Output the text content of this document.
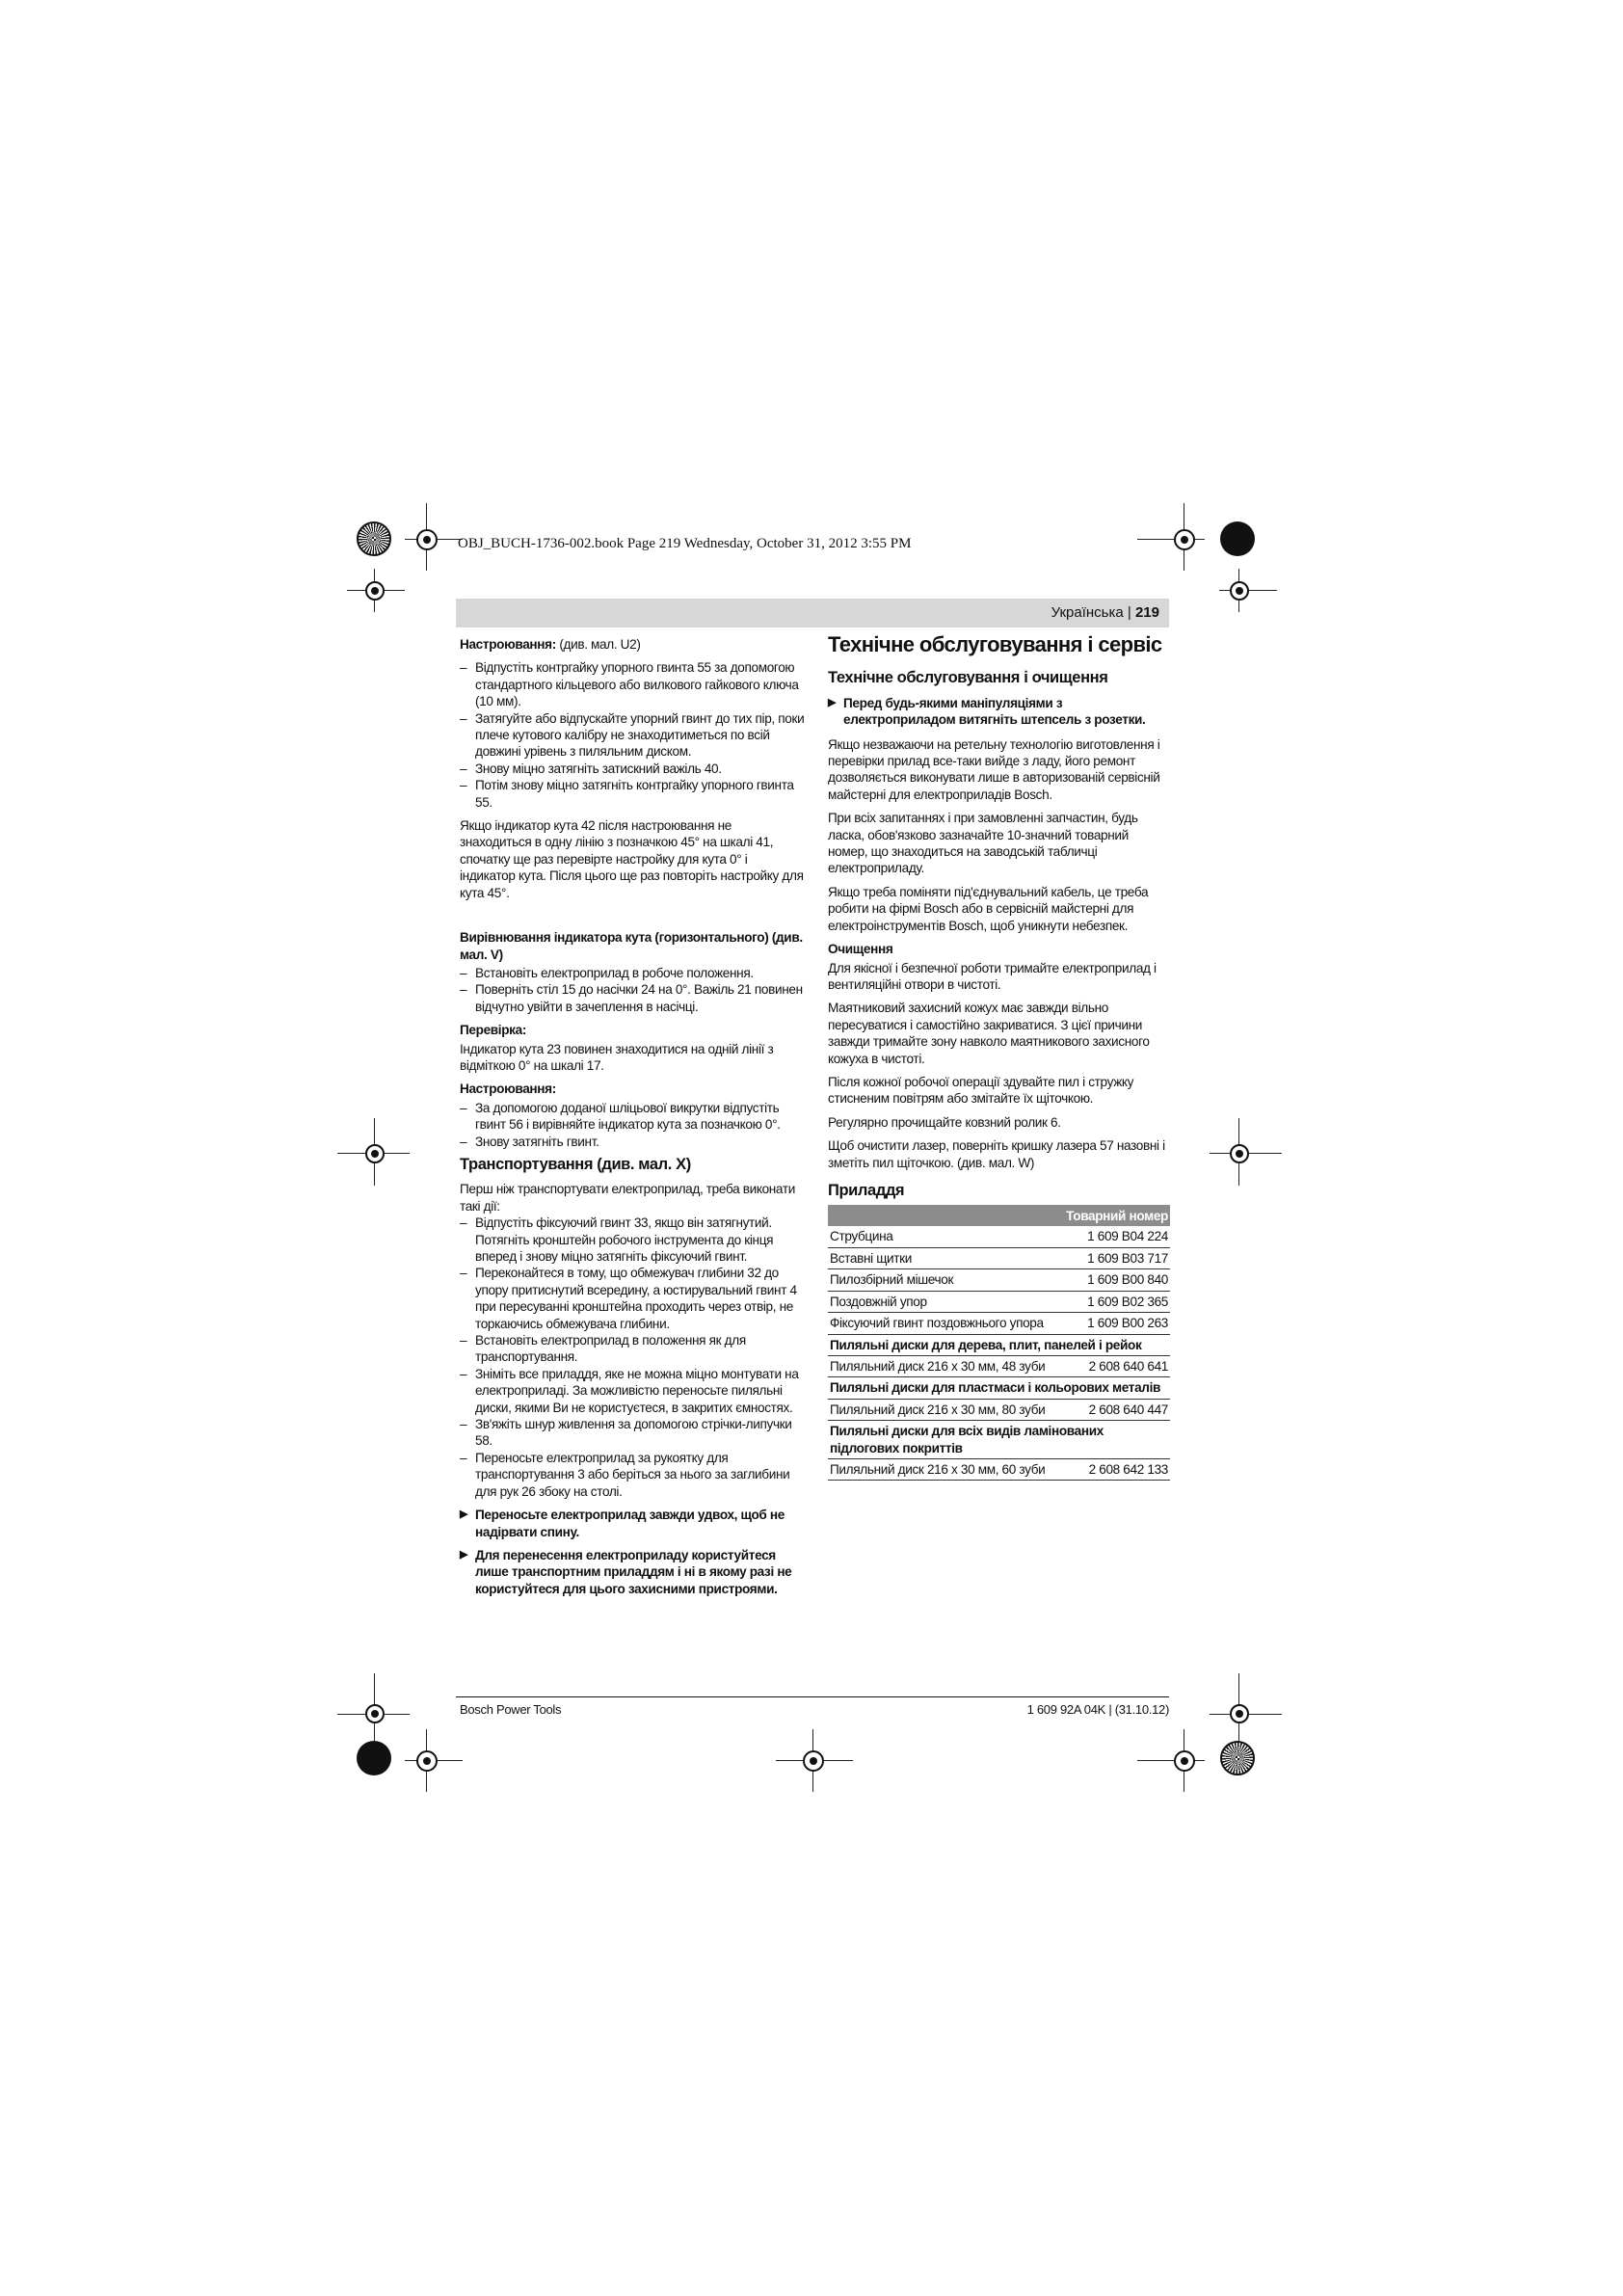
OBJ_BUCH-1736-002.book Page 219 Wednesday, October 31, 2012 3:55 PM
Українська | 219

Настроювання: (див. мал. U2)

– Відпустіть контргайку упорного гвинта 55 за допомогою стандартного кільцевого або вилкового гайкового ключа (10 мм).
– Затягуйте або відпускайте упорний гвинт до тих пір, поки плече кутового калібру не знаходитиметься по всій довжині урівень з пиляльним диском.
– Знову міцно затягніть затискний важіль 40.
– Потім знову міцно затягніть контргайку упорного гвинта 55.

Якщо індикатор кута 42 після настроювання не знаходиться в одну лінію з позначкою 45° на шкалі 41, спочатку ще раз перевірте настройку для кута 0° і індикатор кута. Після цього ще раз повторіть настройку для кута 45°.

Вирівнювання індикатора кута (горизонтального) (див. мал. V)
– Встановіть електроприлад в робоче положення.
– Поверніть стіл 15 до насічки 24 на 0°. Важіль 21 повинен відчутно увійти в зачеплення в насічці.
Перевірка:

Індикатор кута 23 повинен знаходитися на одній лінії з відміткою 0° на шкалі 17.

Настроювання:
– За допомогою доданої шліцьової викрутки відпустіть гвинт 56 і вирівняйте індикатор кута за позначкою 0°.
– Знову затягніть гвинт.
Транспортування (див. мал. X)

Перш ніж транспортувати електроприлад, треба виконати такі дії:

– Відпустіть фіксуючий гвинт 33, якщо він затягнутий. Потягніть кронштейн робочого інструмента до кінця вперед і знову міцно затягніть фіксуючий гвинт.
– Переконайтеся в тому, що обмежувач глибини 32 до упору притиснутий всередину, а юстирувальний гвинт 4 при пересуванні кронштейна проходить через отвір, не торкаючись обмежувача глибини.
– Встановіть електроприлад в положення як для транспортування.
– Зніміть все приладдя, яке не можна міцно монтувати на електроприладі. За можливістю переносьте пиляльні диски, якими Ви не користуєтеся, в закритих ємностях.
– Зв'яжіть шнур живлення за допомогою стрічки-липучки 58.
– Переносьте електроприлад за рукоятку для транспортування 3 або беріться за нього за заглибини для рук 26 збоку на столі.

▶ Переносьте електроприлад завжди удвох, щоб не надірвати спину.

▶ Для перенесення електроприладу користуйтеся лише транспортним приладдям і ні в якому разі не користуйтеся для цього захисними пристроями.

Технічне обслуговування і сервіс
Технічне обслуговування і очищення

▶ Перед будь-якими маніпуляціями з електроприладом витягніть штепсель з розетки.

Якщо незважаючи на ретельну технологію виготовлення і перевірки прилад все-таки вийде з ладу, його ремонт дозволяється виконувати лише в авторизованій сервісній майстерні для електроприладів Bosch.

При всіх запитаннях і при замовленні запчастин, будь ласка, обов'язково зазначайте 10-значний товарний номер, що знаходиться на заводській табличці електроприладу.

Якщо треба поміняти під'єднувальний кабель, це треба робити на фірмі Bosch або в сервісній майстерні для електроінструментів Bosch, щоб уникнути небезпек.

Очищення

Для якісної і безпечної роботи тримайте електроприлад і вентиляційні отвори в чистоті.

Маятниковий захисний кожух має завжди вільно пересуватися і самостійно закриватися. З цієї причини завжди тримайте зону навколо маятникового захисного кожуха в чистоті.

Після кожної робочої операції здувайте пил і стружку стисненим повітрям або змітайте їх щіточкою.

Регулярно прочищайте ковзний ролик 6.

Щоб очистити лазер, поверніть кришку лазера 57 назовні і зметіть пил щіточкою. (див. мал. W)

Приладдя
Товарний номер	
Струбцина	1 609 B04 224
Вставні щитки	1 609 B03 717
Пилозбірний мішечок	1 609 B00 840
Поздовжній упор	1 609 B02 365
Фіксуючий гвинт поздовжнього упора	1 609 B00 263
Пиляльні диски для дерева, плит, панелей і рейок	
Пиляльний диск 216 x 30 мм, 48 зуби	2 608 640 641
Пиляльні диски для пластмаси і кольорових металів	
Пиляльний диск 216 x 30 мм, 80 зуби	2 608 640 447
Пиляльні диски для всіх видів ламінованих підлогових покриттів	
Пиляльний диск 216 x 30 мм, 60 зуби	2 608 642 133
Bosch Power Tools	1 609 92A 04K | (31.10.12)
